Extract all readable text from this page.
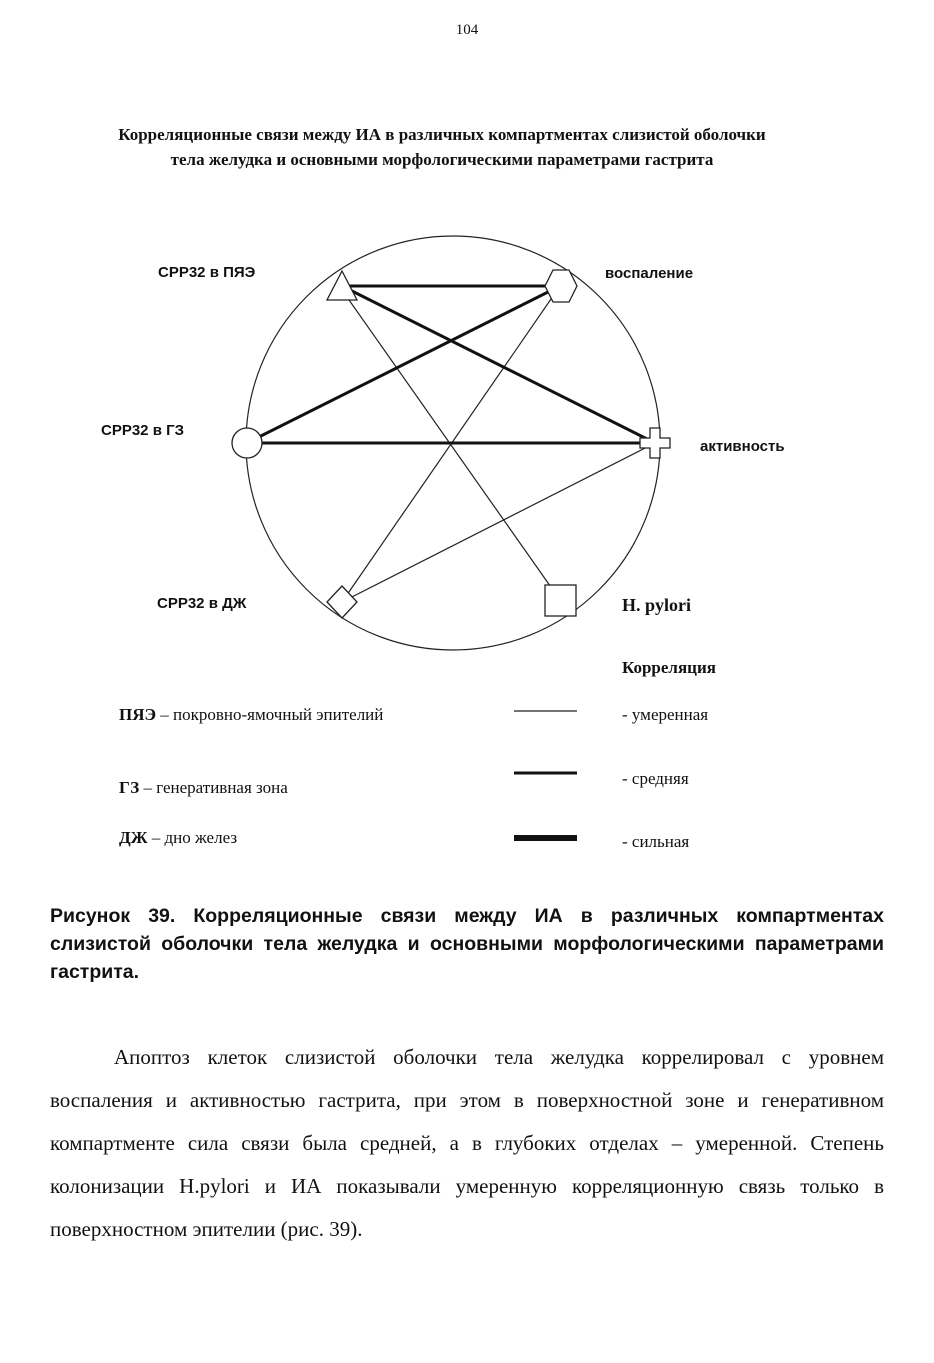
104
Корреляционные связи между ИА в различных компартментах слизистой оболочки тела желудка и основными морфологическими параметрами гастрита
CPP32 в ПЯЭ	воспаление
CPP32 в ГЗ
активность
CPP32 в ДЖ	H. pylori
Корреляция
ПЯЭ – покровно-ямочный эпителий
ГЗ – генеративная зона
ДЖ – дно желез
- умеренная
- средняя
- сильная
Рисунок 39. Корреляционные связи между ИА в различных компартментах слизистой оболочки тела желудка и основными морфологическими параметрами гастрита.

Апоптоз клеток слизистой оболочки тела желудка коррелировал с уровнем воспаления и активностью гастрита, при этом в поверхностной зоне и генеративном компартменте сила связи была средней, а в глубоких отделах – умеренной. Степень колонизации H.pylori и ИА показывали умеренную корреляционную связь только в поверхностном эпителии (рис. 39).
